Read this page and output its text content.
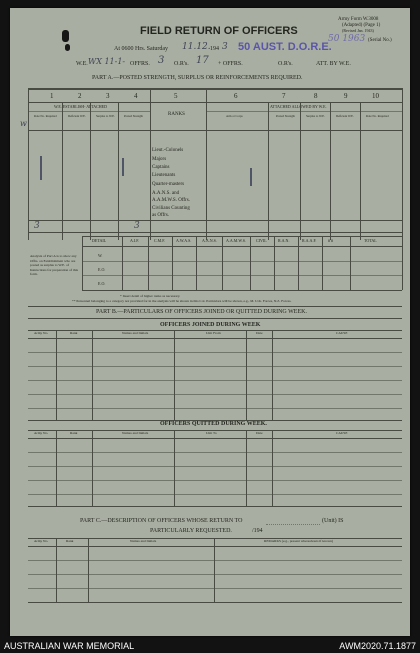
Army Form W.3008
(Adapted) (Page 1)
(Revised Jan. 1943)
50 1963 (Serial No.)
FIELD RETURN OF OFFICERS
At 0600 Hrs. Saturday 11.12. 194 3 50 AUST. D.O.R.E.
W.E. WX 11-1- OFFRS. 3 O.R's. 17 + OFFRS.	O.R's.	ATT. BY W.E.
PART A.—POSTED STRENGTH, SURPLUS OR REINFORCEMENTS REQUIRED.
1	2	3	4	5	6	7	8	9	10
W.E. ESTABLISH- ATTACHED	ATTACHED ALLOWED BY W.E.
RANKS
Role No. Required	Deficient W.E.	Surplus to W.E.	Posted Strength	Arm or Corps	Posted Strength	Surplus to W.E.	Deficient W.E.	Role No. Required
Lieut.-Colonels
Majors
Captains
Lieutenants
Quarter-masters
A.A.N.S. and
A.A.M.W.S. Offrs.
Civilians Counting
as Offrs.
w
3	3
Analysis of Part A is to show any Offrs. on Establishment who are posted as surplus to W.E. of Instructions for preparation of this form.
DETAIL	A.I.F.	C.M.F.	A.W.A.S.	A.A.N.S. A.A.M.W.S.	CIVIL	R.A.N.	R.A.A.F.	# #	TOTAL
W.
E.O.
E.O.
* Insert detail of higher ranks as necessary.
** Personnel belonging to a category not provided for in the analysis will be shown in this Col. Particulars will be shown, e.g., M. U.K. Forces, N.Z. Forces.
PART B.—PARTICULARS OF OFFICERS JOINED OR QUITTED DURING WEEK.
OFFICERS JOINED DURING WEEK
Army No.	Rank	Names and Initials	Unit From	Date	CAUSE
OFFICERS QUITTED DURING WEEK.
Army No.	Rank	Names and Initials	Unit To	Date	CAUSE
PART C.—DESCRIPTION OF OFFICERS WHOSE RETURN TO	(Unit) IS
PARTICULARLY REQUESTED.	/194
Army No.	Rank	Names and Initials	REMARKS (e.g., present whereabouts if known)
AUSTRALIAN WAR MEMORIAL	AWM2020.71.1877
